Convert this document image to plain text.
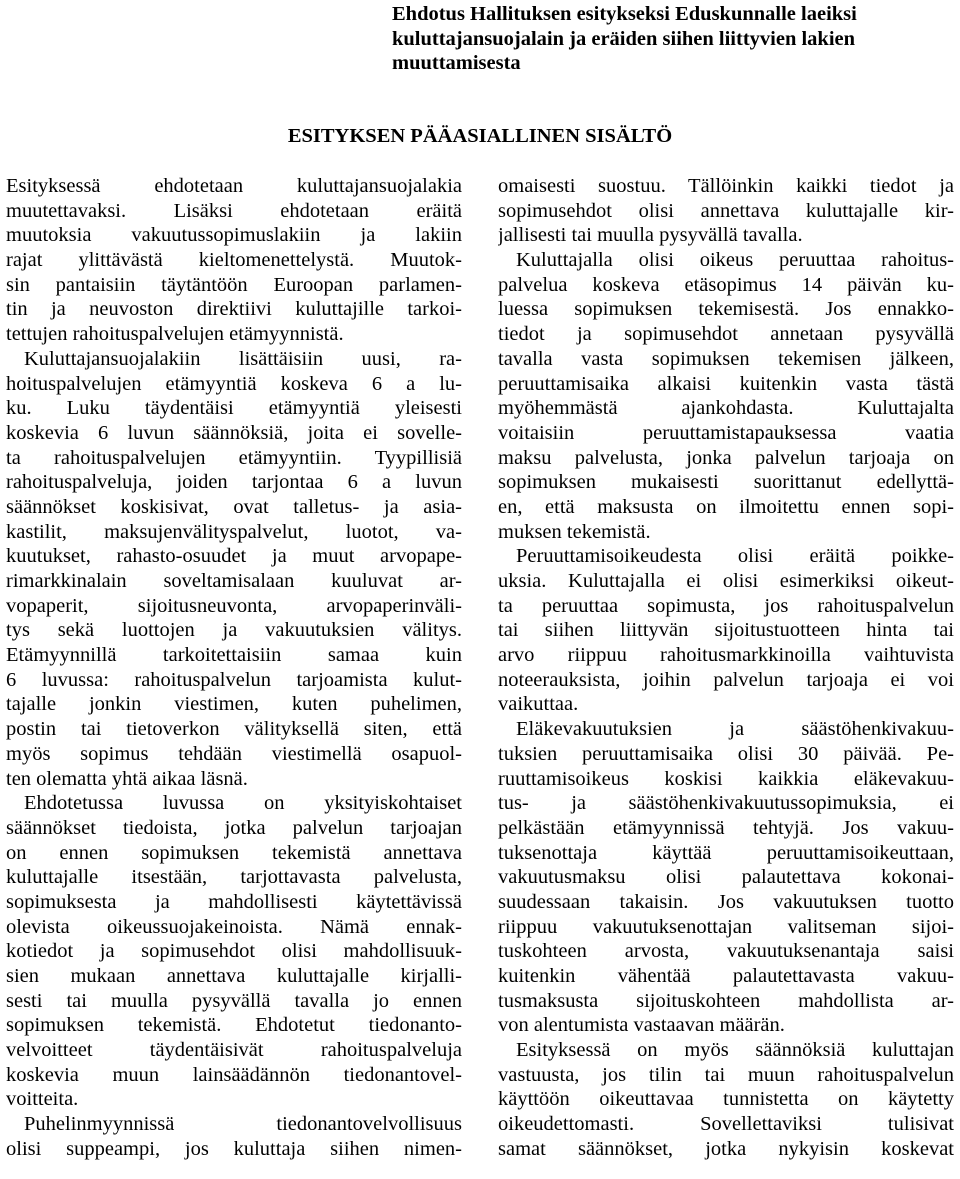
Ehdotus Hallituksen esitykseksi Eduskunnalle laeiksi
kuluttajansuojalain ja eräiden siihen liittyvien lakien
muuttamisesta
ESITYKSEN PÄÄASIALLINEN SISÄLTÖ
Esityksessä ehdotetaan kuluttajansuojalakia
muutettavaksi. Lisäksi ehdotetaan eräitä
muutoksia vakuutussopimuslakiin ja lakiin
rajat ylittävästä kieltomenettelystä. Muutok-
sin pantaisiin täytäntöön Euroopan parlamen-
tin ja neuvoston direktiivi kuluttajille tarkoi-
tettujen rahoituspalvelujen etämyynnistä.
Kuluttajansuojalakiin lisättäisiin uusi, ra-
hoituspalvelujen etämyyntiä koskeva 6 a lu-
ku. Luku täydentäisi etämyyntiä yleisesti
koskevia 6 luvun säännöksiä, joita ei sovelle-
ta rahoituspalvelujen etämyyntiin. Tyypillisiä
rahoituspalveluja, joiden tarjontaa 6 a luvun
säännökset koskisivat, ovat talletus- ja asia-
kastilit, maksujenvälityspalvelut, luotot, va-
kuutukset, rahasto-osuudet ja muut arvopape-
rimarkkinalain soveltamisalaan kuuluvat ar-
vopaperit, sijoitusneuvonta, arvopaperinväli-
tys sekä luottojen ja vakuutuksien välitys.
Etämyynnillä tarkoitettaisiin samaa kuin
6 luvussa: rahoituspalvelun tarjoamista kulut-
tajalle jonkin viestimen, kuten puhelimen,
postin tai tietoverkon välityksellä siten, että
myös sopimus tehdään viestimellä osapuol-
ten olematta yhtä aikaa läsnä.
Ehdotetussa luvussa on yksityiskohtaiset
säännökset tiedoista, jotka palvelun tarjoajan
on ennen sopimuksen tekemistä annettava
kuluttajalle itsestään, tarjottavasta palvelusta,
sopimuksesta ja mahdollisesti käytettävissä
olevista oikeussuojakeinoista. Nämä ennak-
kotiedot ja sopimusehdot olisi mahdollisuuk-
sien mukaan annettava kuluttajalle kirjalli-
sesti tai muulla pysyvällä tavalla jo ennen
sopimuksen tekemistä. Ehdotetut tiedonanto-
velvoitteet täydentäisivät rahoituspalveluja
koskevia muun lainsäädännön tiedonantovel-
voitteita.
Puhelinmyynnissä tiedonantovelvollisuus
olisi suppeampi, jos kuluttaja siihen nimen-
omaisesti suostuu. Tällöinkin kaikki tiedot ja
sopimusehdot olisi annettava kuluttajalle kir-
jallisesti tai muulla pysyvällä tavalla.
Kuluttajalla olisi oikeus peruuttaa rahoitus-
palvelua koskeva etäsopimus 14 päivän ku-
luessa sopimuksen tekemisestä. Jos ennakko-
tiedot ja sopimusehdot annetaan pysyvällä
tavalla vasta sopimuksen tekemisen jälkeen,
peruuttamisaika alkaisi kuitenkin vasta tästä
myöhemmästä ajankohdasta. Kuluttajalta
voitaisiin peruuttamistapauksessa vaatia
maksu palvelusta, jonka palvelun tarjoaja on
sopimuksen mukaisesti suorittanut edellyttä-
en, että maksusta on ilmoitettu ennen sopi-
muksen tekemistä.
Peruuttamisoikeudesta olisi eräitä poikke-
uksia. Kuluttajalla ei olisi esimerkiksi oikeut-
ta peruuttaa sopimusta, jos rahoituspalvelun
tai siihen liittyvän sijoitustuotteen hinta tai
arvo riippuu rahoitusmarkkinoilla vaihtuvista
noteerauksista, joihin palvelun tarjoaja ei voi
vaikuttaa.
Eläkevakuutuksien ja säästöhenkivakuu-
tuksien peruuttamisaika olisi 30 päivää. Pe-
ruuttamisoikeus koskisi kaikkia eläkevakuu-
tus- ja säästöhenkivakuutussopimuksia, ei
pelkästään etämyynnissä tehtyjä. Jos vakuu-
tuksenottaja käyttää peruuttamisoikeuttaan,
vakuutusmaksu olisi palautettava kokonai-
suudessaan takaisin. Jos vakuutuksen tuotto
riippuu vakuutuksenottajan valitseman sijoi-
tuskohteen arvosta, vakuutuksenantaja saisi
kuitenkin vähentää palautettavasta vakuu-
tusmaksusta sijoituskohteen mahdollista ar-
von alentumista vastaavan määrän.
Esityksessä on myös säännöksiä kuluttajan
vastuusta, jos tilin tai muun rahoituspalvelun
käyttöön oikeuttavaa tunnistetta on käytetty
oikeudettomasti. Sovellettaviksi tulisivat
samat säännökset, jotka nykyisin koskevat
